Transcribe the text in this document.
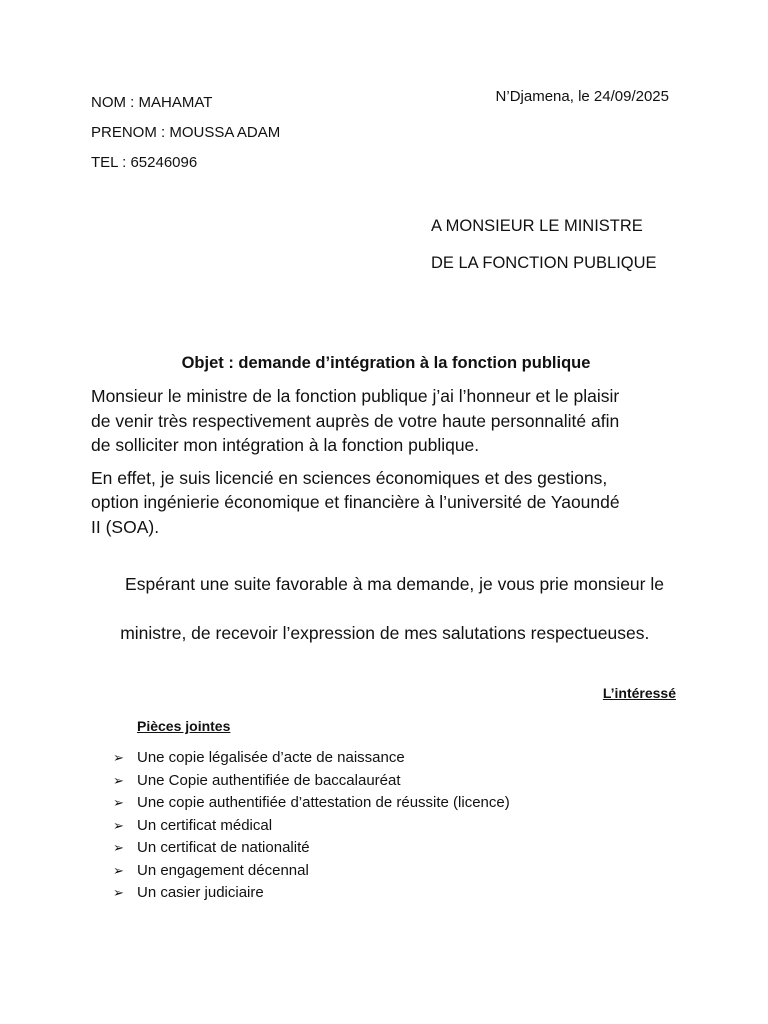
NOM : MAHAMAT
PRENOM : MOUSSA ADAM
TEL : 65246096
N’Djamena, le 24/09/2025
A MONSIEUR LE MINISTRE
DE LA FONCTION PUBLIQUE
Objet : demande d’intégration à la fonction publique

Monsieur le ministre de la fonction publique j’ai l’honneur et le plaisir
de venir très respectivement auprès de votre haute personnalité afin
de solliciter mon intégration à la fonction publique.

En effet, je suis licencié en sciences économiques et des gestions,
option ingénierie économique et financière à l’université de Yaoundé
II (SOA).

Espérant une suite favorable à ma demande, je vous prie monsieur le

ministre, de recevoir l’expression de mes salutations respectueuses.

L’intéressé
Pièces jointes
➢ Une copie légalisée d’acte de naissance
➢ Une Copie authentifiée de baccalauréat
➢ Une copie authentifiée d’attestation de réussite (licence)
➢ Un certificat médical
➢ Un certificat de nationalité
➢ Un engagement décennal
➢ Un casier judiciaire
